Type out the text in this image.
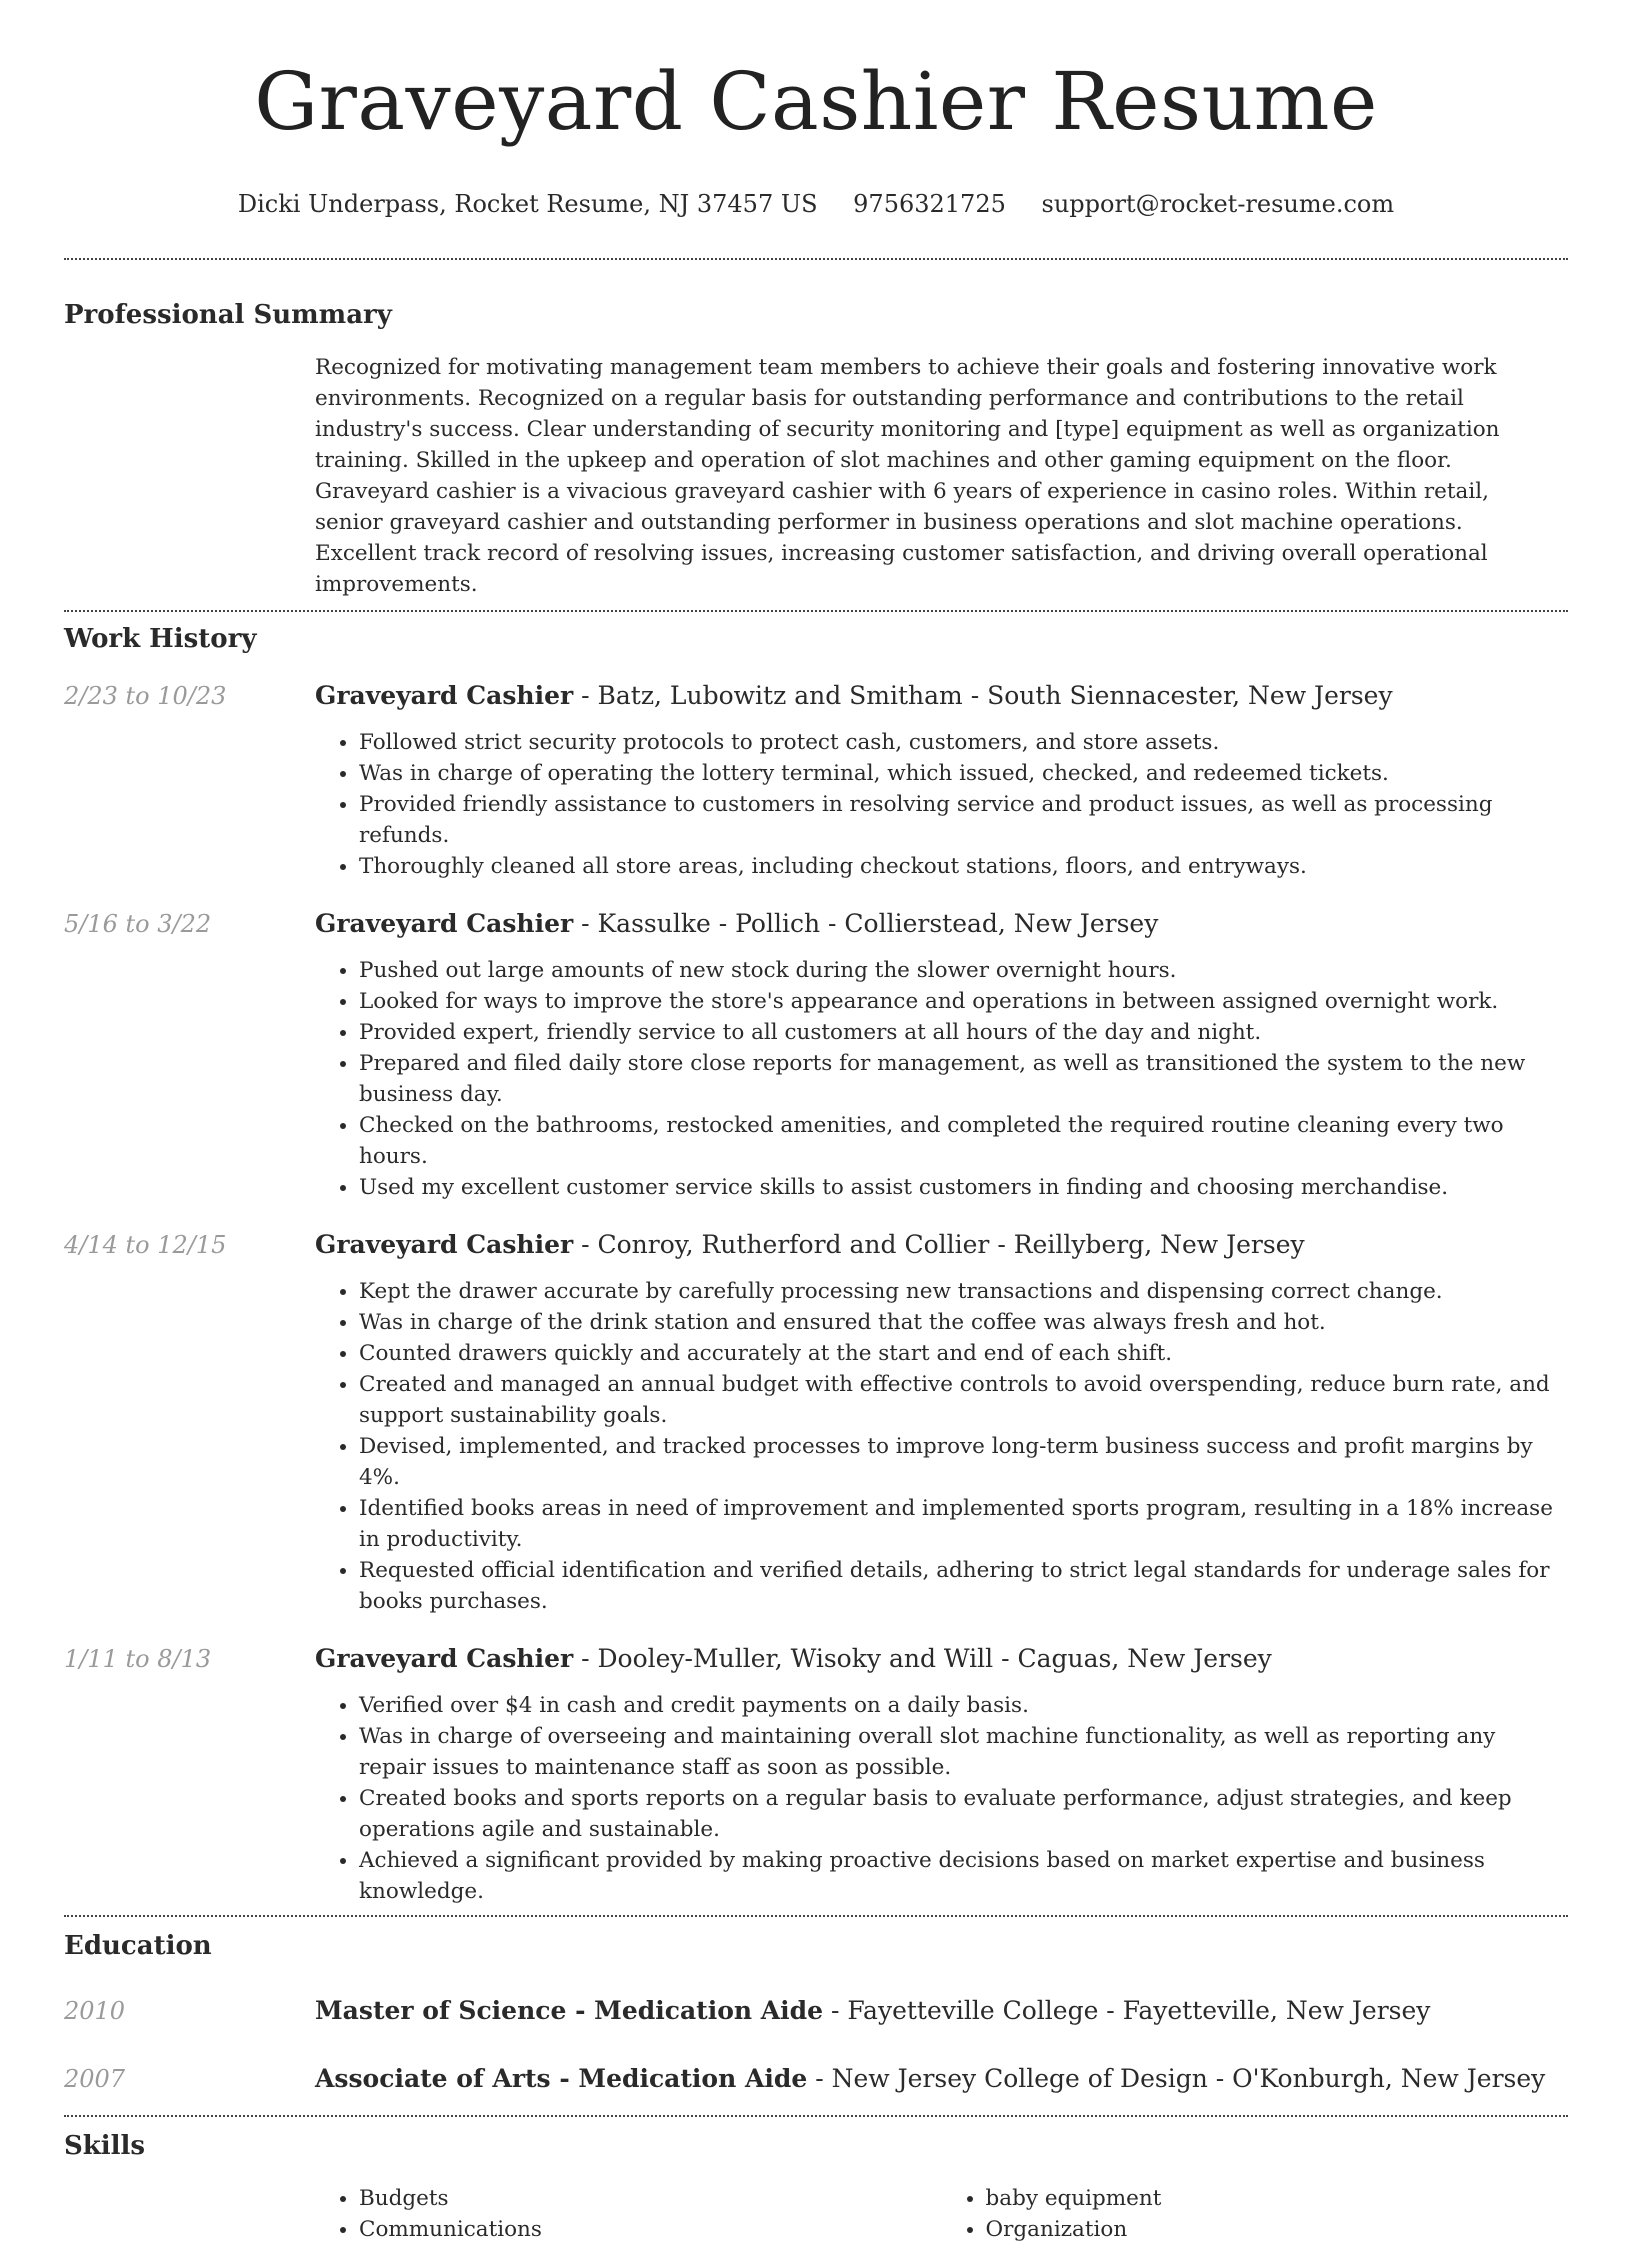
Graveyard Cashier Resume
Dicki Underpass, Rocket Resume, NJ 37457 US 9756321725 support@rocket-resume.com
Professional Summary
Recognized for motivating management team members to achieve their goals and fostering innovative work environments. Recognized on a regular basis for outstanding performance and contributions to the retail industry's success. Clear understanding of security monitoring and [type] equipment as well as organization training. Skilled in the upkeep and operation of slot machines and other gaming equipment on the floor. Graveyard cashier is a vivacious graveyard cashier with 6 years of experience in casino roles. Within retail, senior graveyard cashier and outstanding performer in business operations and slot machine operations. Excellent track record of resolving issues, increasing customer satisfaction, and driving overall operational improvements.
Work History
2/23 to 10/23	Graveyard Cashier - Batz, Lubowitz and Smitham - South Siennacester, New Jersey
• Followed strict security protocols to protect cash, customers, and store assets.
• Was in charge of operating the lottery terminal, which issued, checked, and redeemed tickets.
• Provided friendly assistance to customers in resolving service and product issues, as well as processing refunds.
• Thoroughly cleaned all store areas, including checkout stations, floors, and entryways.
5/16 to 3/22	Graveyard Cashier - Kassulke - Pollich - Collierstead, New Jersey
• Pushed out large amounts of new stock during the slower overnight hours.
• Looked for ways to improve the store's appearance and operations in between assigned overnight work.
• Provided expert, friendly service to all customers at all hours of the day and night.
• Prepared and filed daily store close reports for management, as well as transitioned the system to the new business day.
• Checked on the bathrooms, restocked amenities, and completed the required routine cleaning every two hours.
• Used my excellent customer service skills to assist customers in finding and choosing merchandise.
4/14 to 12/15	Graveyard Cashier - Conroy, Rutherford and Collier - Reillyberg, New Jersey
• Kept the drawer accurate by carefully processing new transactions and dispensing correct change.
• Was in charge of the drink station and ensured that the coffee was always fresh and hot.
• Counted drawers quickly and accurately at the start and end of each shift.
• Created and managed an annual budget with effective controls to avoid overspending, reduce burn rate, and support sustainability goals.
• Devised, implemented, and tracked processes to improve long-term business success and profit margins by 4%.
• Identified books areas in need of improvement and implemented sports program, resulting in a 18% increase in productivity.
• Requested official identification and verified details, adhering to strict legal standards for underage sales for books purchases.
1/11 to 8/13	Graveyard Cashier - Dooley-Muller, Wisoky and Will - Caguas, New Jersey
• Verified over $4 in cash and credit payments on a daily basis.
• Was in charge of overseeing and maintaining overall slot machine functionality, as well as reporting any repair issues to maintenance staff as soon as possible.
• Created books and sports reports on a regular basis to evaluate performance, adjust strategies, and keep operations agile and sustainable.
• Achieved a significant provided by making proactive decisions based on market expertise and business knowledge.
Education
2010	Master of Science - Medication Aide - Fayetteville College - Fayetteville, New Jersey
2007	Associate of Arts - Medication Aide - New Jersey College of Design - O'Konburgh, New Jersey
Skills
• Budgets
• Communications
• baby equipment
• Organization
